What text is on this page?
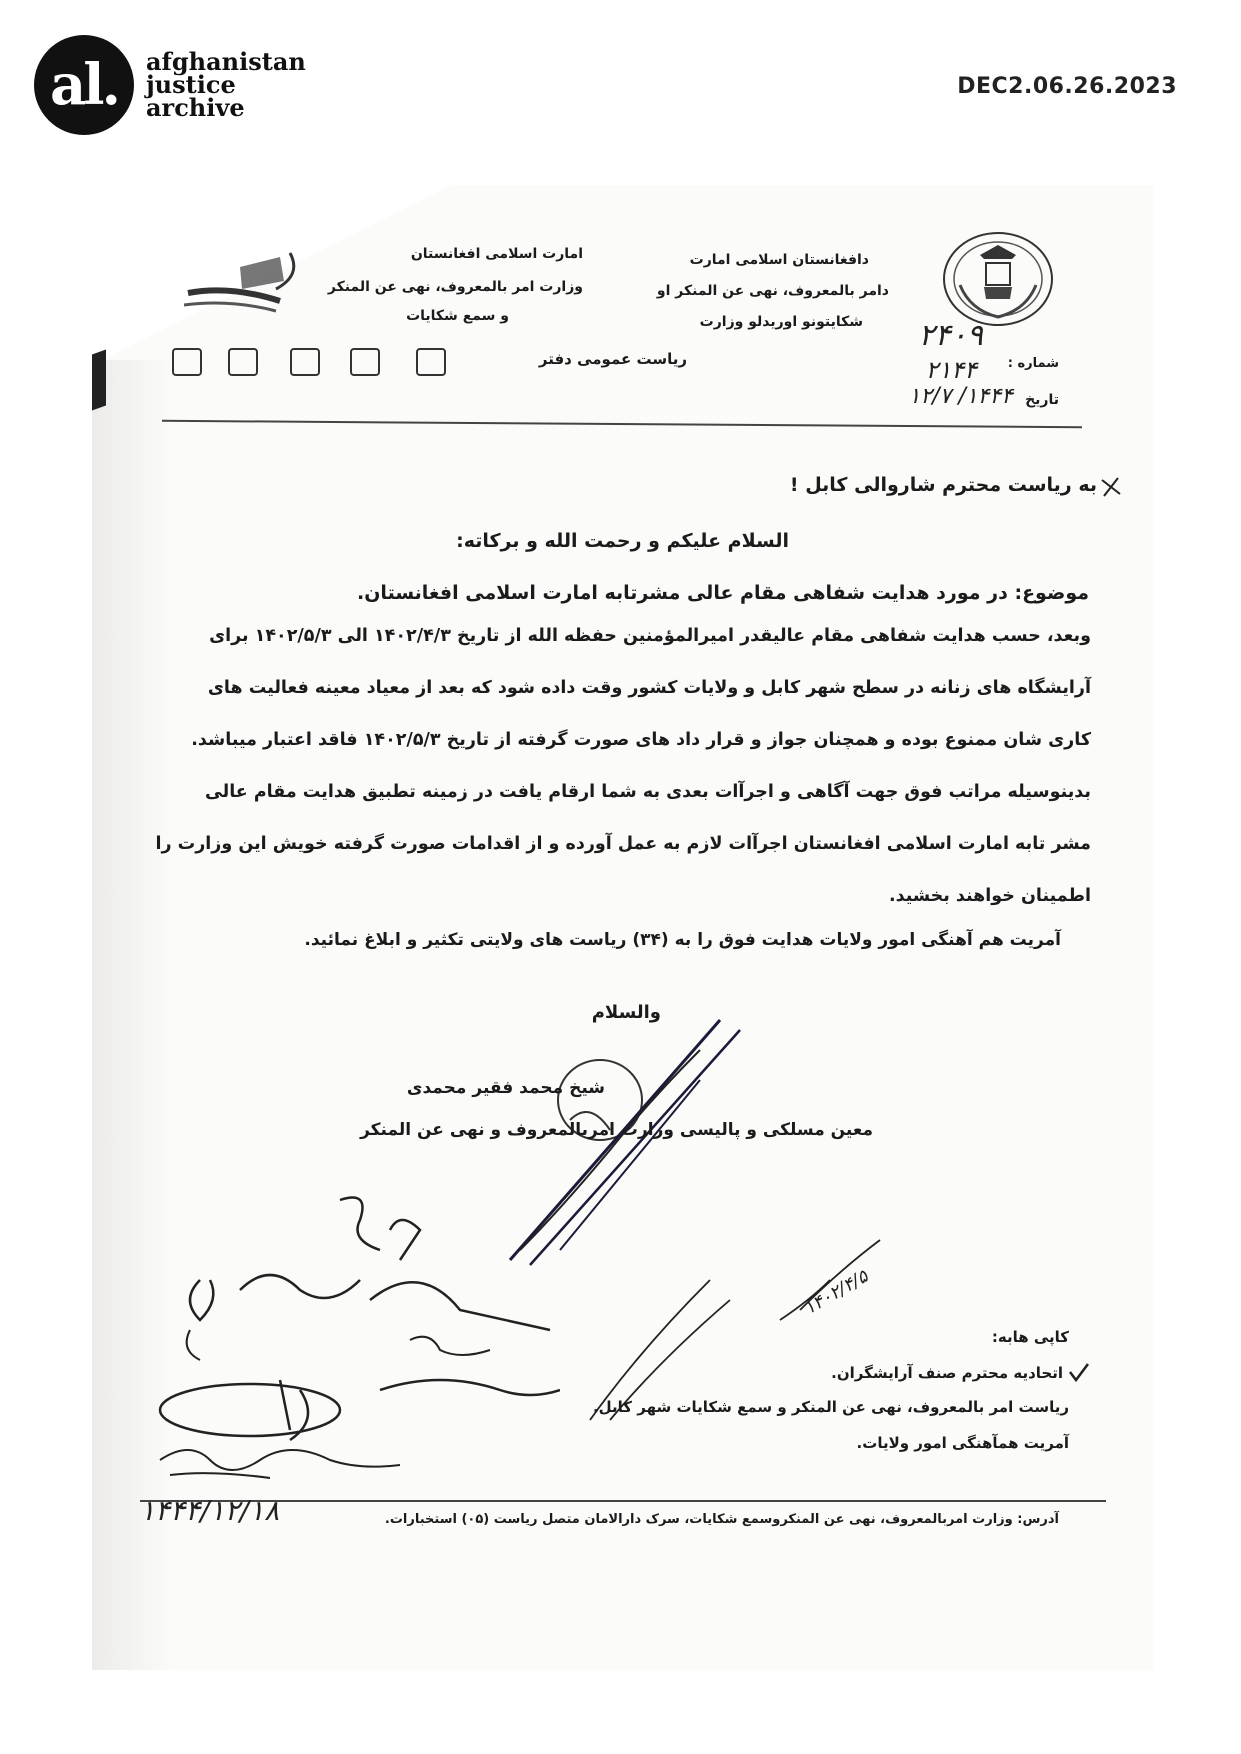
al.	afghanistan
justice
archive
DEC2.06.26.2023
ـــ
دافغانستان اسلامی امارت
دامر بالمعروف، نهی عن المنکر او
شکایتونو اوریدلو وزارت
امارت اسلامی افغانستان
وزارت امر بالمعروف، نهی عن المنکر
و سمع شکایات
ریاست عمومی دفتر	شماره :
۲۴۰۹
۲۱۴۴
تاریخ
۱۴۴۴/ ۱۲/۷
به ریاست محترم شاروالی کابل !
السلام علیکم و رحمت الله و برکاته:
موضوع: در مورد هدایت شفاهی مقام عالی مشرتابه امارت اسلامی افغانستان.
وبعد، حسب هدایت شفاهی مقام عالیقدر امیرالمؤمنین حفظه الله از تاریخ ۱۴۰۲/۴/۳ الی ۱۴۰۲/۵/۳ برای
آرایشگاه های زنانه در سطح شهر کابل و ولایات کشور وقت داده شود که بعد از معیاد معینه فعالیت های
کاری شان ممنوع بوده و همچنان جواز و قرار داد های صورت گرفته از تاریخ ۱۴۰۲/۵/۳ فاقد اعتبار میباشد.
بدینوسیله مراتب فوق جهت آگاهی و اجرآات بعدی به شما ارقام یافت در زمینه تطبیق هدایت مقام عالی
مشر تابه امارت اسلامی افغانستان اجرآات لازم به عمل آورده و از اقدامات صورت گرفته خویش این وزارت را
اطمینان خواهند بخشید.
آمریت هم آهنگی امور ولایات هدایت فوق را به (۳۴) ریاست های ولایتی تکثیر و ابلاغ نمائید.
والسلام
شیخ محمد فقیر محمدی
معین مسلکی و پالیسی وزارت امربالمعروف و نهی عن المنکر
۱۴۰۲/۴/۵
کاپی هابه:
اتحادیه محترم صنف آرایشگران.
ریاست امر بالمعروف، نهی عن المنکر و سمع شکایات شهر کابل.
آمریت همآهنگی امور ولایات.
آدرس: وزارت امربالمعروف، نهی عن المنکروسمع شکایات، سرک دارالامان متصل ریاست (۰۵) استخبارات.
۱۴۴۴/۱۲/۱۸
